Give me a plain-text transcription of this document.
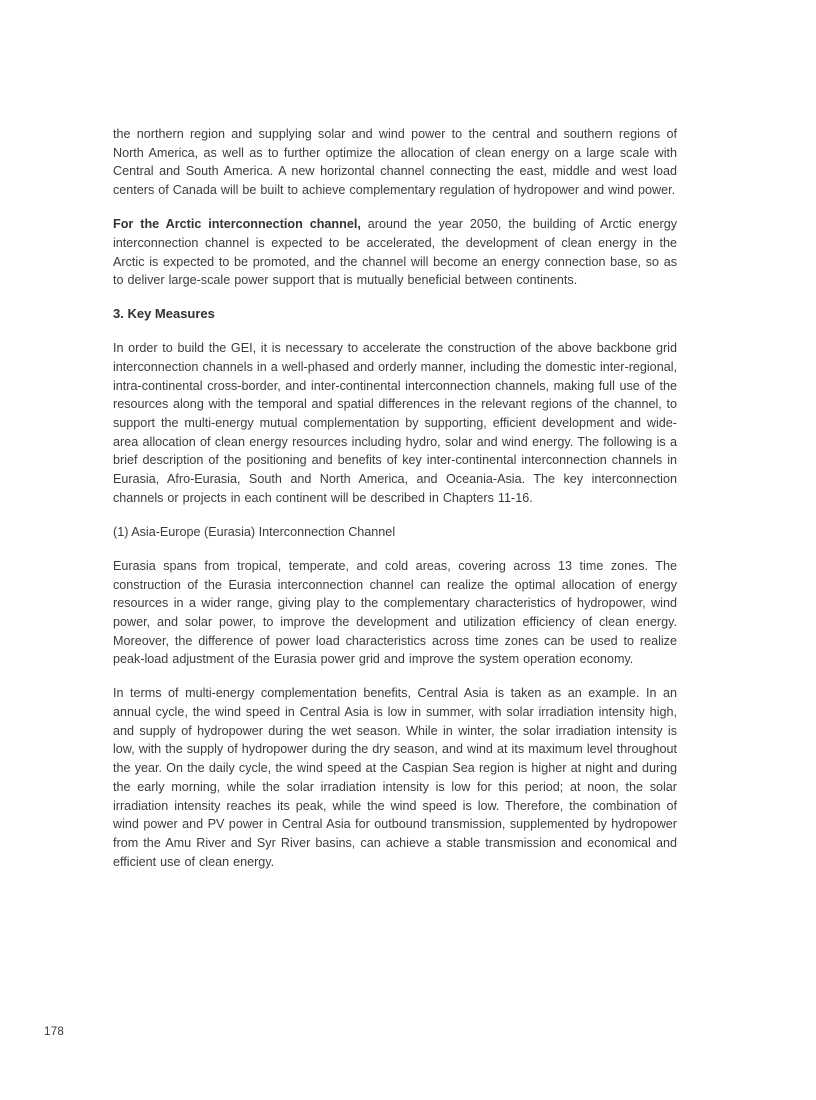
the northern region and supplying solar and wind power to the central and southern regions of North America, as well as to further optimize the allocation of clean energy on a large scale with Central and South America. A new horizontal channel connecting the east, middle and west load centers of Canada will be built to achieve complementary regulation of hydropower and wind power.

For the Arctic interconnection channel, around the year 2050, the building of Arctic energy interconnection channel is expected to be accelerated, the development of clean energy in the Arctic is expected to be promoted, and the channel will become an energy connection base, so as to deliver large-scale power support that is mutually beneficial between continents.

3. Key Measures

In order to build the GEI, it is necessary to accelerate the construction of the above backbone grid interconnection channels in a well-phased and orderly manner, including the domestic inter-regional, intra-continental cross-border, and inter-continental interconnection channels, making full use of the resources along with the temporal and spatial differences in the relevant regions of the channel, to support the multi-energy mutual complementation by supporting, efficient development and wide-area allocation of clean energy resources including hydro, solar and wind energy. The following is a brief description of the positioning and benefits of key inter-continental interconnection channels in Eurasia, Afro-Eurasia, South and North America, and Oceania-Asia. The key interconnection channels or projects in each continent will be described in Chapters 11-16.

(1) Asia-Europe (Eurasia) Interconnection Channel

Eurasia spans from tropical, temperate, and cold areas, covering across 13 time zones. The construction of the Eurasia interconnection channel can realize the optimal allocation of energy resources in a wider range, giving play to the complementary characteristics of hydropower, wind power, and solar power, to improve the development and utilization efficiency of clean energy. Moreover, the difference of power load characteristics across time zones can be used to realize peak-load adjustment of the Eurasia power grid and improve the system operation economy.

In terms of multi-energy complementation benefits, Central Asia is taken as an example. In an annual cycle, the wind speed in Central Asia is low in summer, with solar irradiation intensity high, and supply of hydropower during the wet season. While in winter, the solar irradiation intensity is low, with the supply of hydropower during the dry season, and wind at its maximum level throughout the year. On the daily cycle, the wind speed at the Caspian Sea region is higher at night and during the early morning, while the solar irradiation intensity is low for this period; at noon, the solar irradiation intensity reaches its peak, while the wind speed is low. Therefore, the combination of wind power and PV power in Central Asia for outbound transmission, supplemented by hydropower from the Amu River and Syr River basins, can achieve a stable transmission and economical and efficient use of clean energy.

178
